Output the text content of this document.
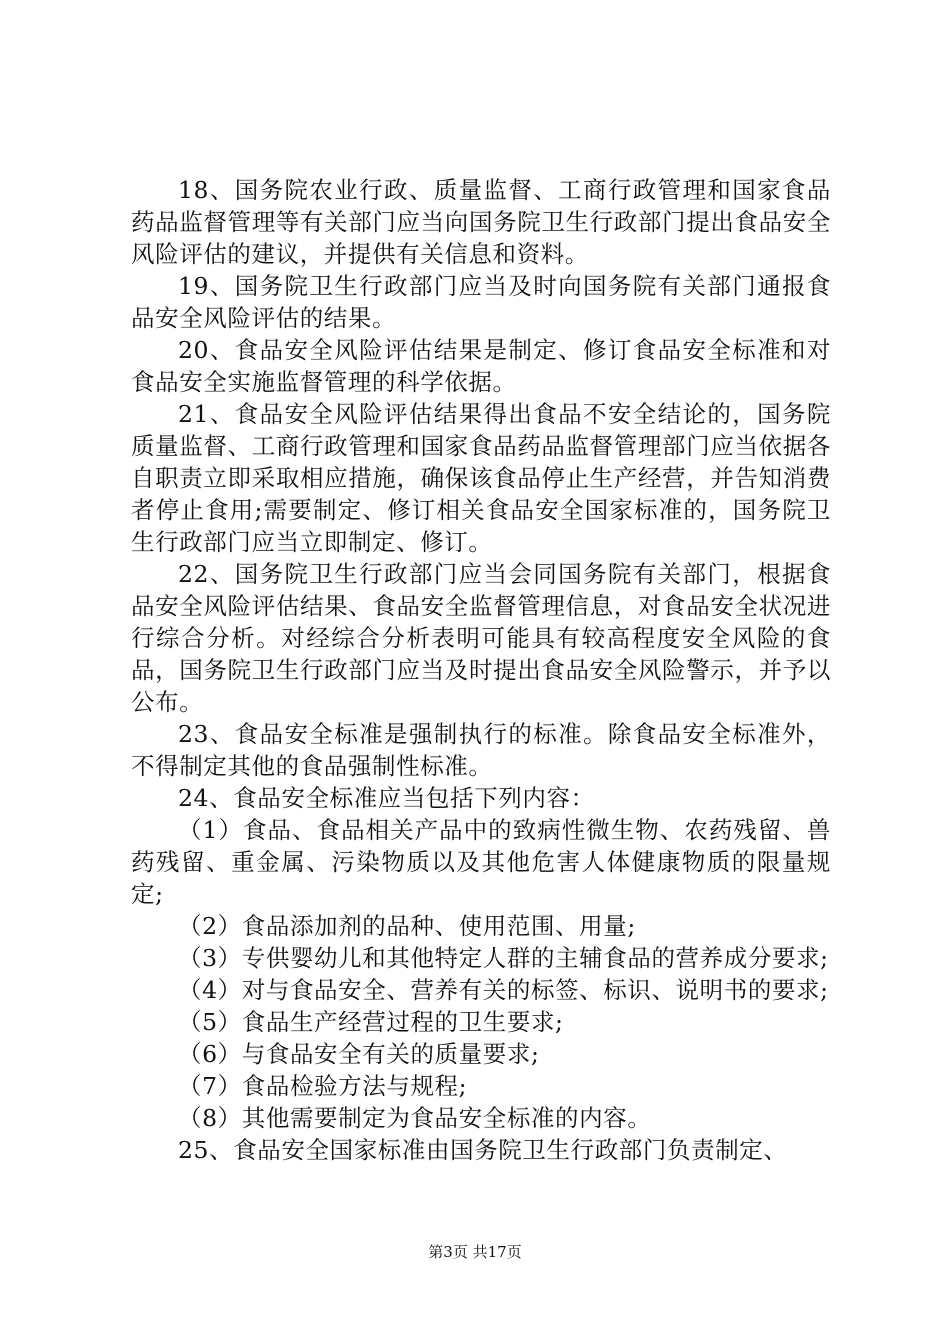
18、国务院农业行政、质量监督、工商行政管理和国家食品药品监督管理等有关部门应当向国务院卫生行政部门提出食品安全风险评估的建议，并提供有关信息和资料。

19、国务院卫生行政部门应当及时向国务院有关部门通报食品安全风险评估的结果。

20、食品安全风险评估结果是制定、修订食品安全标准和对食品安全实施监督管理的科学依据。

21、食品安全风险评估结果得出食品不安全结论的，国务院质量监督、工商行政管理和国家食品药品监督管理部门应当依据各自职责立即采取相应措施，确保该食品停止生产经营，并告知消费者停止食用;需要制定、修订相关食品安全国家标准的，国务院卫生行政部门应当立即制定、修订。

22、国务院卫生行政部门应当会同国务院有关部门，根据食品安全风险评估结果、食品安全监督管理信息，对食品安全状况进行综合分析。对经综合分析表明可能具有较高程度安全风险的食品，国务院卫生行政部门应当及时提出食品安全风险警示，并予以公布。

23、食品安全标准是强制执行的标准。除食品安全标准外，不得制定其他的食品强制性标准。

24、食品安全标准应当包括下列内容：

（1）食品、食品相关产品中的致病性微生物、农药残留、兽药残留、重金属、污染物质以及其他危害人体健康物质的限量规定;

（2）食品添加剂的品种、使用范围、用量;

（3）专供婴幼儿和其他特定人群的主辅食品的营养成分要求;

（4）对与食品安全、营养有关的标签、标识、说明书的要求;

（5）食品生产经营过程的卫生要求;

（6）与食品安全有关的质量要求;

（7）食品检验方法与规程;

（8）其他需要制定为食品安全标准的内容。

25、食品安全国家标准由国务院卫生行政部门负责制定、

第3页 共17页
